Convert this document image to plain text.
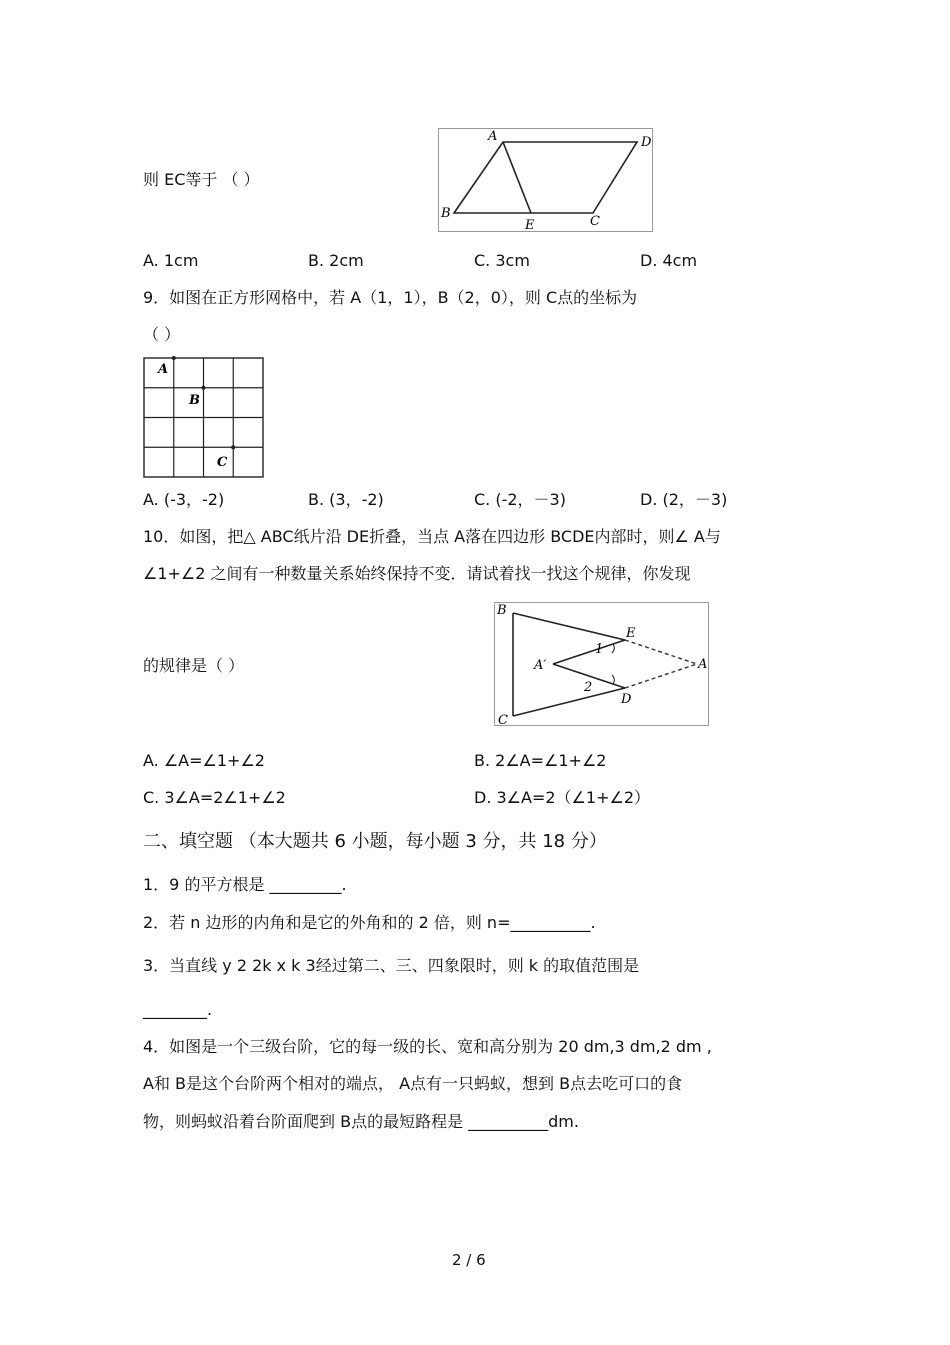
则 EC等于 （ ）
A	D
B
E	C
A. 1cm	B. 2cm	C. 3cm	D. 4cm
9．如图在正方形网格中，若 A（1，1），B（2，0），则 C点的坐标为
（ ）
A
B
C
A. (-3，-2)	B. (3，-2)	C. (-2，－3)	D. (2，－3)
10．如图，把△ ABC纸片沿 DE折叠，当点 A落在四边形 BCDE内部时，则∠ A与
∠1+∠2 之间有一种数量关系始终保持不变．请试着找一找这个规律，你发现
的规律是（ ）
B
C
E
D
A′	A
1
2
A. ∠A=∠1+∠2	B. 2∠A=∠1+∠2
C. 3∠A=2∠1+∠2	D. 3∠A=2（∠1+∠2）
二、填空题 （本大题共 6 小题，每小题 3 分，共 18 分）
1．9 的平方根是 _________.
2．若 n 边形的内角和是它的外角和的 2 倍，则 n=__________.
3．当直线 y 2 2k x k 3经过第二、三、四象限时，则 k 的取值范围是
________.
4．如图是一个三级台阶，它的每一级的长、宽和高分别为 20 dm,3 dm,2 dm ,
A和 B是这个台阶两个相对的端点， A点有一只蚂蚁，想到 B点去吃可口的食
物，则蚂蚁沿着台阶面爬到 B点的最短路程是 __________dm.
2 / 6
